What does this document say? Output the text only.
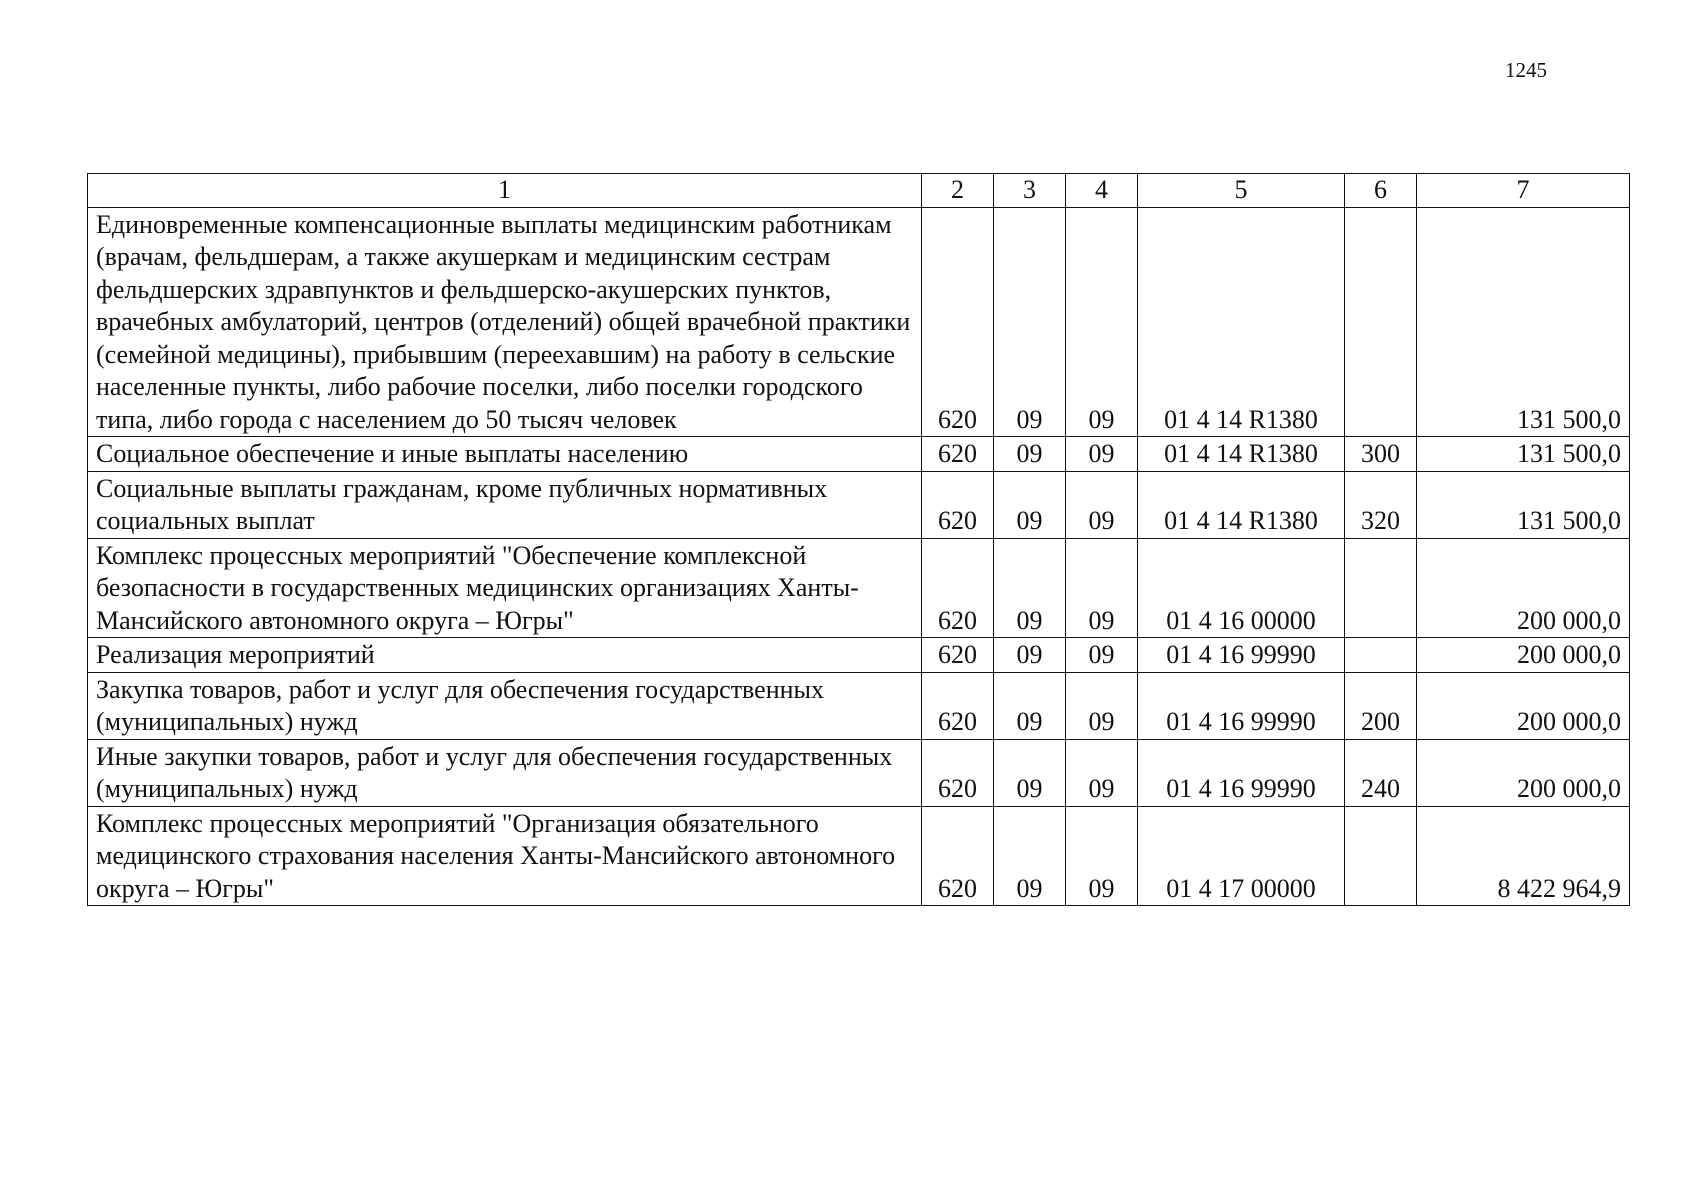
1245
1	2	3	4	5	6	7
Единовременные компенсационные выплаты медицинским работникам (врачам, фельдшерам, а также акушеркам и медицинским сестрам фельдшерских здравпунктов и фельдшерско-акушерских пунктов, врачебных амбулаторий, центров (отделений) общей врачебной практики (семейной медицины), прибывшим (переехавшим) на работу в сельские населенные пункты, либо рабочие поселки, либо поселки городского типа, либо города с населением до 50 тысяч человек	620	09	09	01 4 14 R1380		131 500,0
Социальное обеспечение и иные выплаты населению	620	09	09	01 4 14 R1380	300	131 500,0
Социальные выплаты гражданам, кроме публичных нормативных социальных выплат	620	09	09	01 4 14 R1380	320	131 500,0
Комплекс процессных мероприятий "Обеспечение комплексной безопасности в государственных медицинских организациях Ханты-Мансийского автономного округа – Югры"	620	09	09	01 4 16 00000		200 000,0
Реализация мероприятий	620	09	09	01 4 16 99990		200 000,0
Закупка товаров, работ и услуг для обеспечения государственных (муниципальных) нужд	620	09	09	01 4 16 99990	200	200 000,0
Иные закупки товаров, работ и услуг для обеспечения государственных (муниципальных) нужд	620	09	09	01 4 16 99990	240	200 000,0
Комплекс процессных мероприятий "Организация обязательного медицинского страхования населения Ханты-Мансийского автономного округа – Югры"	620	09	09	01 4 17 00000		8 422 964,9
